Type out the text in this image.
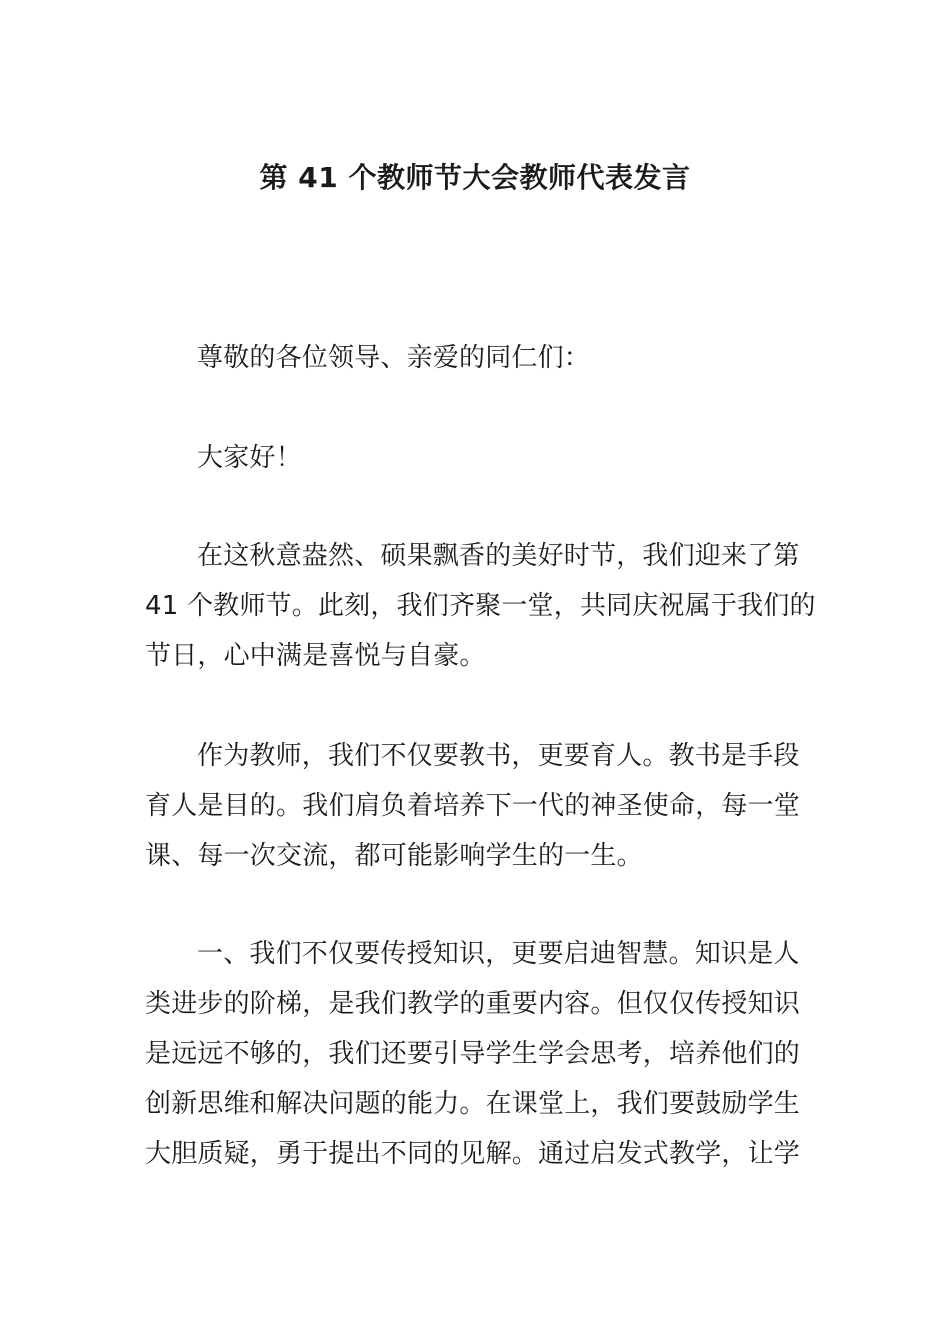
第 41 个教师节大会教师代表发言
尊敬的各位领导、亲爱的同仁们：
大家好！
在这秋意盎然、硕果飘香的美好时节，我们迎来了第
41 个教师节。此刻，我们齐聚一堂，共同庆祝属于我们的
节日，心中满是喜悦与自豪。
作为教师，我们不仅要教书，更要育人。教书是手段
育人是目的。我们肩负着培养下一代的神圣使命，每一堂
课、每一次交流，都可能影响学生的一生。
一、我们不仅要传授知识，更要启迪智慧。知识是人
类进步的阶梯，是我们教学的重要内容。但仅仅传授知识
是远远不够的，我们还要引导学生学会思考，培养他们的
创新思维和解决问题的能力。在课堂上，我们要鼓励学生
大胆质疑，勇于提出不同的见解。通过启发式教学，让学
